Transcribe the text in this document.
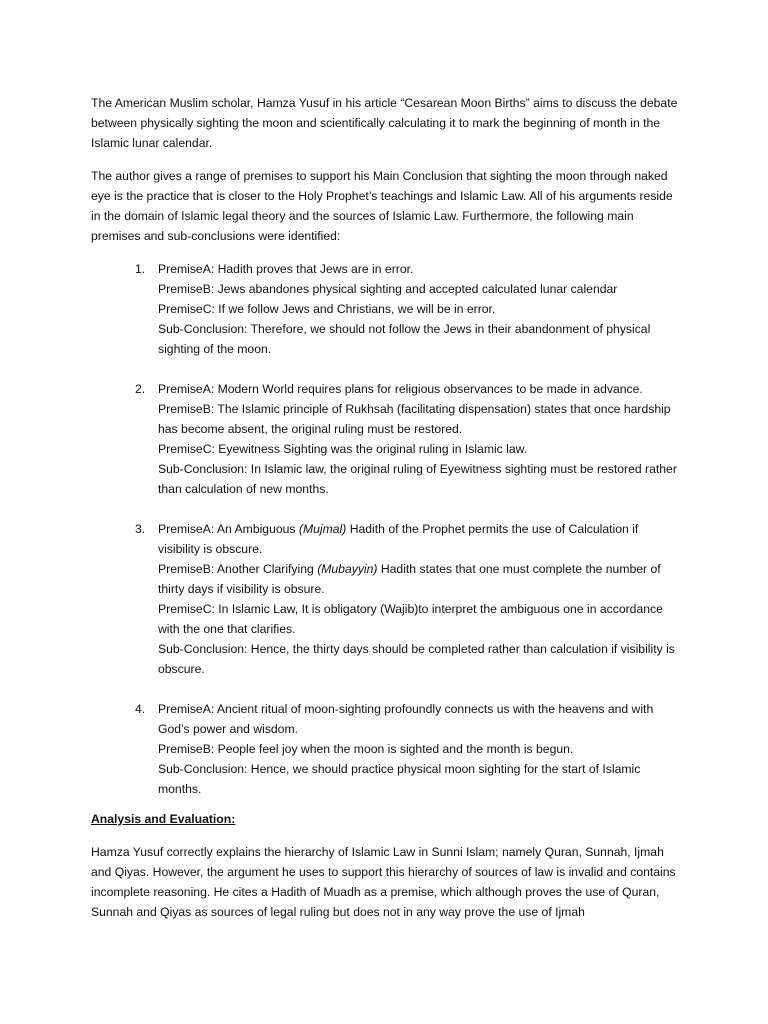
The American Muslim scholar, Hamza Yusuf in his article “Cesarean Moon Births” aims to discuss the debate between physically sighting the moon and scientifically calculating it to mark the beginning of month in the Islamic lunar calendar.

The author gives a range of premises to support his Main Conclusion that sighting the moon through naked eye is the practice that is closer to the Holy Prophet’s teachings and Islamic Law. All of his arguments reside in the domain of Islamic legal theory and the sources of Islamic Law. Furthermore, the following main premises and sub-conclusions were identified:

1. PremiseA: Hadith proves that Jews are in error.
PremiseB: Jews abandones physical sighting and accepted calculated lunar calendar
PremiseC: If we follow Jews and Christians, we will be in error.
Sub-Conclusion: Therefore, we should not follow the Jews in their abandonment of physical sighting of the moon.
2. PremiseA: Modern World requires plans for religious observances to be made in advance.
PremiseB: The Islamic principle of Rukhsah (facilitating dispensation) states that once hardship has become absent, the original ruling must be restored.
PremiseC: Eyewitness Sighting was the original ruling in Islamic law.
Sub-Conclusion: In Islamic law, the original ruling of Eyewitness sighting must be restored rather than calculation of new months.
3. PremiseA: An Ambiguous (Mujmal) Hadith of the Prophet permits the use of Calculation if visibility is obscure.
PremiseB: Another Clarifying (Mubayyin) Hadith states that one must complete the number of thirty days if visibility is obsure.
PremiseC: In Islamic Law, It is obligatory (Wajib)to interpret the ambiguous one in accordance with the one that clarifies.
Sub-Conclusion: Hence, the thirty days should be completed rather than calculation if visibility is obscure.
4. PremiseA: Ancient ritual of moon-sighting profoundly connects us with the heavens and with God’s power and wisdom.
PremiseB: People feel joy when the moon is sighted and the month is begun.
Sub-Conclusion: Hence, we should practice physical moon sighting for the start of Islamic months.
Analysis and Evaluation:

Hamza Yusuf correctly explains the hierarchy of Islamic Law in Sunni Islam; namely Quran, Sunnah, Ijmah and Qiyas. However, the argument he uses to support this hierarchy of sources of law is invalid and contains incomplete reasoning. He cites a Hadith of Muadh as a premise, which although proves the use of Quran, Sunnah and Qiyas as sources of legal ruling but does not in any way prove the use of Ijmah
